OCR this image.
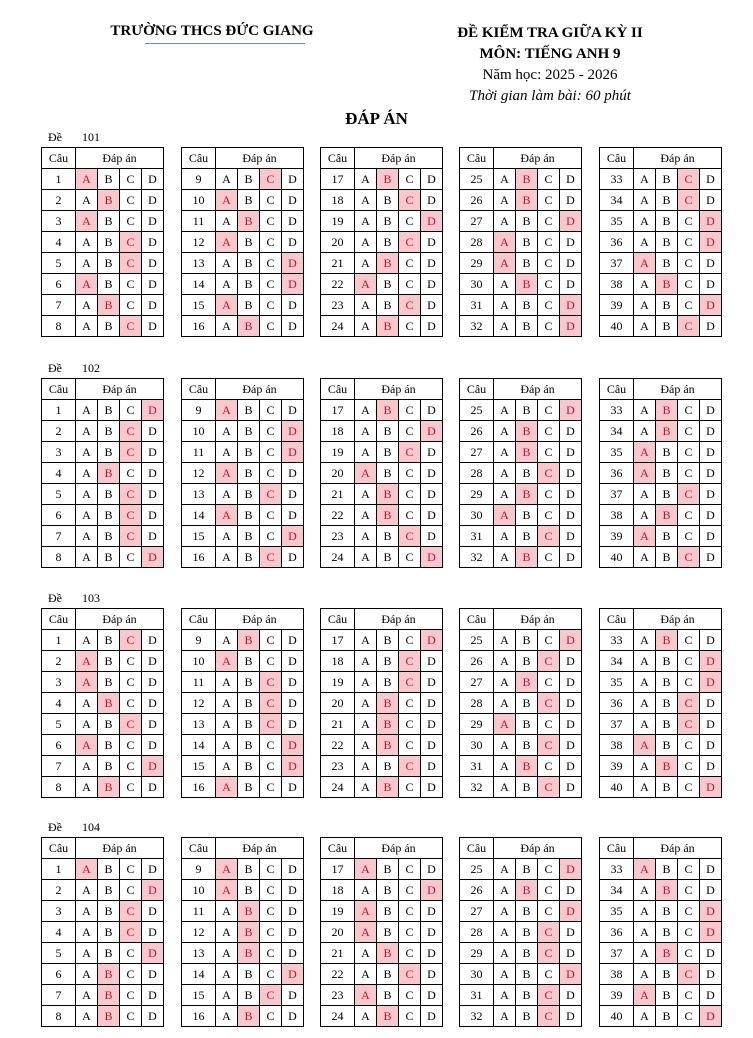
TRƯỜNG THCS ĐỨC GIANG	ĐỀ KIỂM TRA GIỮA KỲ II
MÔN: TIẾNG ANH 9
Năm học: 2025 - 2026
Thời gian làm bài: 60 phút
ĐÁP ÁN
Đề 101
Câu	Đáp án			
1	A	B	C	D
2	A	B	C	D
3	A	B	C	D
4	A	B	C	D
5	A	B	C	D
6	A	B	C	D
7	A	B	C	D
8	A	B	C	D
Câu	Đáp án			
9	A	B	C	D
10	A	B	C	D
11	A	B	C	D
12	A	B	C	D
13	A	B	C	D
14	A	B	C	D
15	A	B	C	D
16	A	B	C	D
Câu	Đáp án			
17	A	B	C	D
18	A	B	C	D
19	A	B	C	D
20	A	B	C	D
21	A	B	C	D
22	A	B	C	D
23	A	B	C	D
24	A	B	C	D
Câu	Đáp án			
25	A	B	C	D
26	A	B	C	D
27	A	B	C	D
28	A	B	C	D
29	A	B	C	D
30	A	B	C	D
31	A	B	C	D
32	A	B	C	D
Câu	Đáp án			
33	A	B	C	D
34	A	B	C	D
35	A	B	C	D
36	A	B	C	D
37	A	B	C	D
38	A	B	C	D
39	A	B	C	D
40	A	B	C	D
Đề 102
Câu	Đáp án			
1	A	B	C	D
2	A	B	C	D
3	A	B	C	D
4	A	B	C	D
5	A	B	C	D
6	A	B	C	D
7	A	B	C	D
8	A	B	C	D
Câu	Đáp án			
9	A	B	C	D
10	A	B	C	D
11	A	B	C	D
12	A	B	C	D
13	A	B	C	D
14	A	B	C	D
15	A	B	C	D
16	A	B	C	D
Câu	Đáp án			
17	A	B	C	D
18	A	B	C	D
19	A	B	C	D
20	A	B	C	D
21	A	B	C	D
22	A	B	C	D
23	A	B	C	D
24	A	B	C	D
Câu	Đáp án			
25	A	B	C	D
26	A	B	C	D
27	A	B	C	D
28	A	B	C	D
29	A	B	C	D
30	A	B	C	D
31	A	B	C	D
32	A	B	C	D
Câu	Đáp án			
33	A	B	C	D
34	A	B	C	D
35	A	B	C	D
36	A	B	C	D
37	A	B	C	D
38	A	B	C	D
39	A	B	C	D
40	A	B	C	D
Đề 103
Câu	Đáp án			
1	A	B	C	D
2	A	B	C	D
3	A	B	C	D
4	A	B	C	D
5	A	B	C	D
6	A	B	C	D
7	A	B	C	D
8	A	B	C	D
Câu	Đáp án			
9	A	B	C	D
10	A	B	C	D
11	A	B	C	D
12	A	B	C	D
13	A	B	C	D
14	A	B	C	D
15	A	B	C	D
16	A	B	C	D
Câu	Đáp án			
17	A	B	C	D
18	A	B	C	D
19	A	B	C	D
20	A	B	C	D
21	A	B	C	D
22	A	B	C	D
23	A	B	C	D
24	A	B	C	D
Câu	Đáp án			
25	A	B	C	D
26	A	B	C	D
27	A	B	C	D
28	A	B	C	D
29	A	B	C	D
30	A	B	C	D
31	A	B	C	D
32	A	B	C	D
Câu	Đáp án			
33	A	B	C	D
34	A	B	C	D
35	A	B	C	D
36	A	B	C	D
37	A	B	C	D
38	A	B	C	D
39	A	B	C	D
40	A	B	C	D
Đề 104
Câu	Đáp án			
1	A	B	C	D
2	A	B	C	D
3	A	B	C	D
4	A	B	C	D
5	A	B	C	D
6	A	B	C	D
7	A	B	C	D
8	A	B	C	D
Câu	Đáp án			
9	A	B	C	D
10	A	B	C	D
11	A	B	C	D
12	A	B	C	D
13	A	B	C	D
14	A	B	C	D
15	A	B	C	D
16	A	B	C	D
Câu	Đáp án			
17	A	B	C	D
18	A	B	C	D
19	A	B	C	D
20	A	B	C	D
21	A	B	C	D
22	A	B	C	D
23	A	B	C	D
24	A	B	C	D
Câu	Đáp án			
25	A	B	C	D
26	A	B	C	D
27	A	B	C	D
28	A	B	C	D
29	A	B	C	D
30	A	B	C	D
31	A	B	C	D
32	A	B	C	D
Câu	Đáp án			
33	A	B	C	D
34	A	B	C	D
35	A	B	C	D
36	A	B	C	D
37	A	B	C	D
38	A	B	C	D
39	A	B	C	D
40	A	B	C	D
